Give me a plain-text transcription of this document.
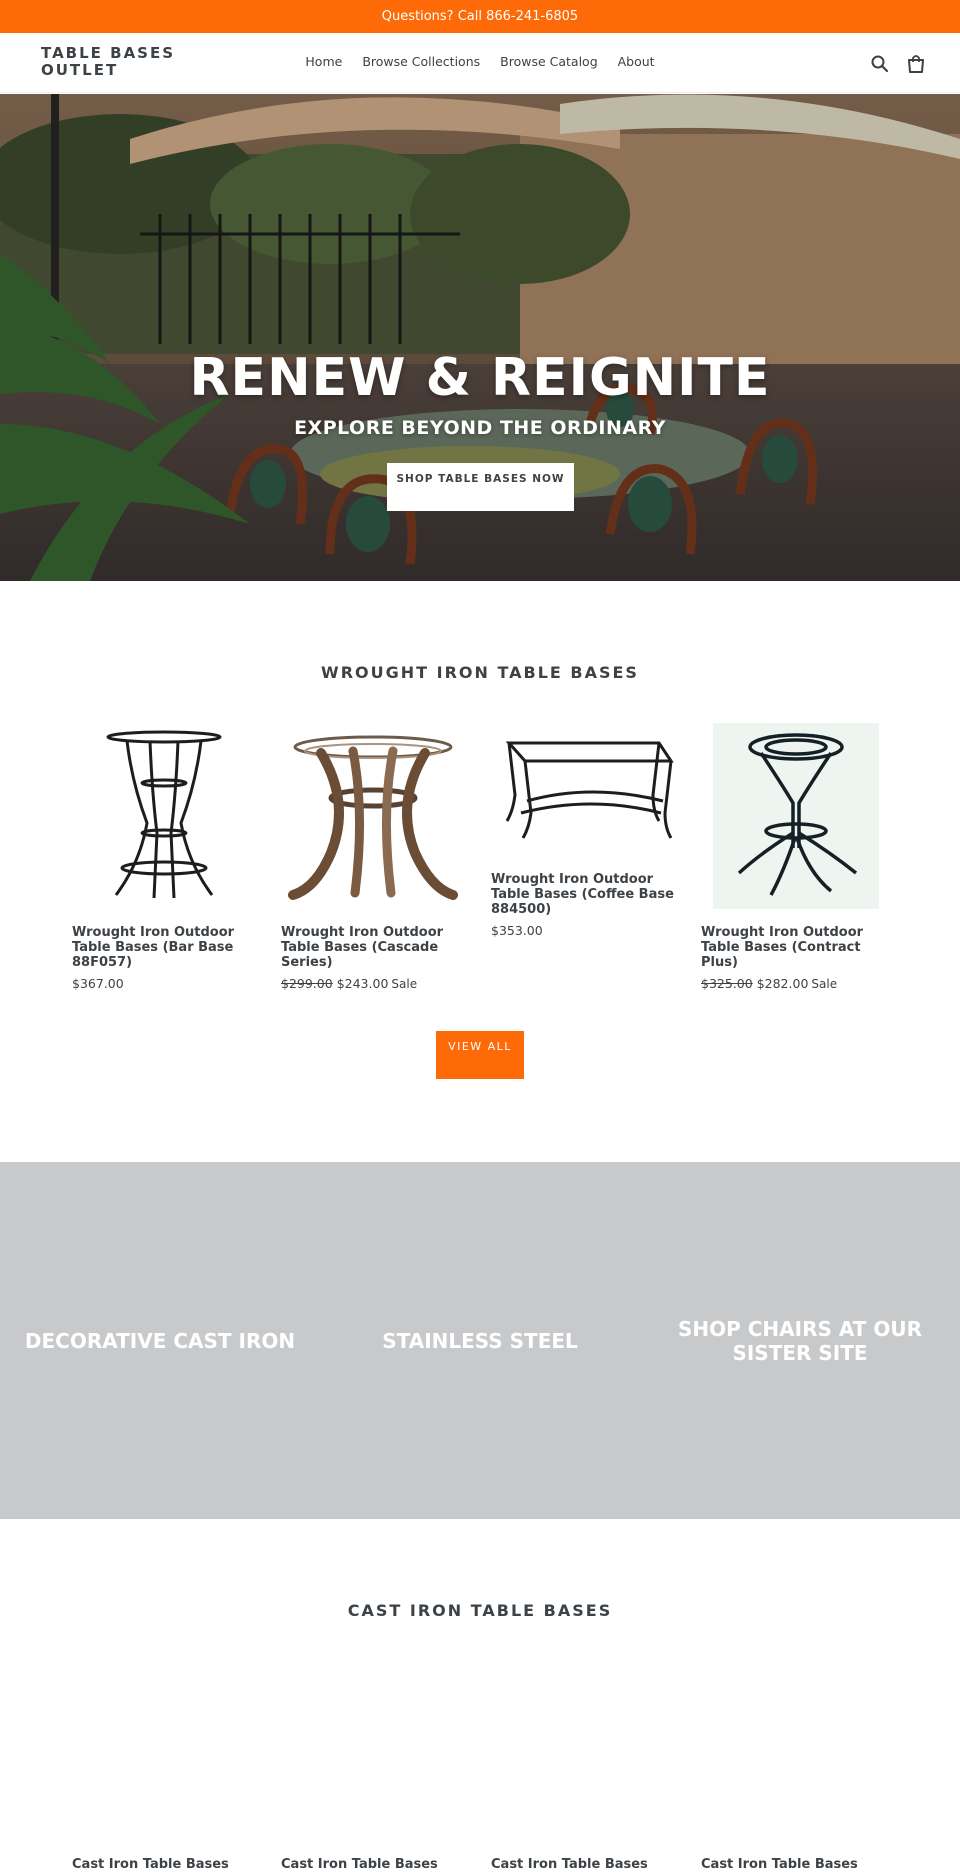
Questions? Call 866-241-6805
TABLE BASES OUTLET	Home Browse Collections Browse Catalog About
RENEW & REIGNITE
EXPLORE BEYOND THE ORDINARY
SHOP TABLE BASES NOW
WROUGHT IRON TABLE BASES
Wrought Iron Outdoor Table Bases (Bar Base 88F057)
$367.00
Wrought Iron Outdoor Table Bases (Cascade Series)
$299.00 $243.00 Sale
Wrought Iron Outdoor Table Bases (Coffee Base 884500)
$353.00	Wrought Iron Outdoor Table Bases (Contract Plus)
$325.00 $282.00 Sale
VIEW ALL
DECORATIVE CAST IRON	STAINLESS STEEL	SHOP CHAIRS AT OUR SISTER SITE
CAST IRON TABLE BASES
Cast Iron Table Bases	Cast Iron Table Bases	Cast Iron Table Bases	Cast Iron Table Bases
